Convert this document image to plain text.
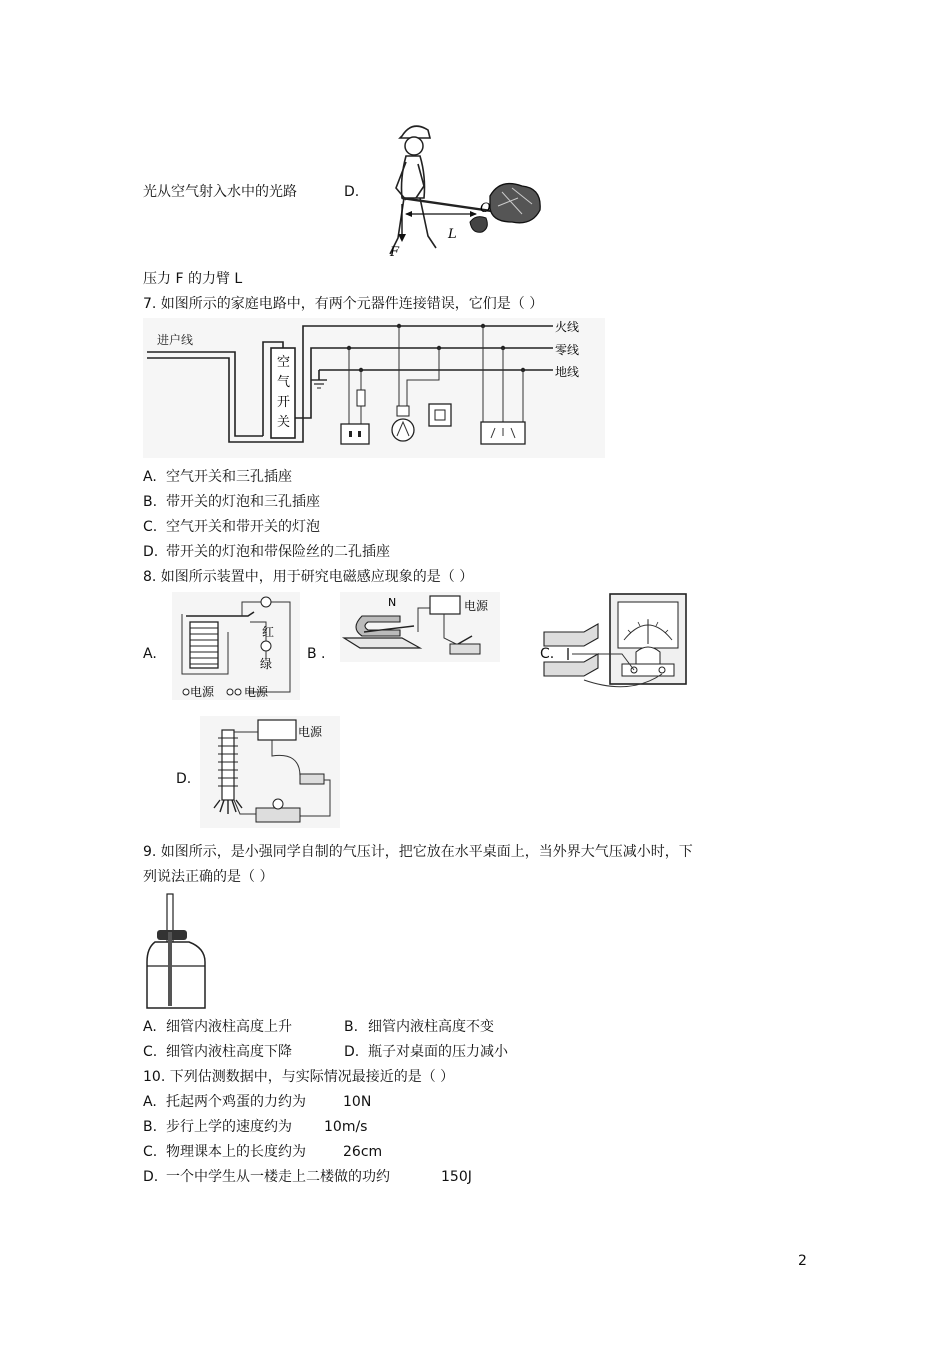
光从空气射入水中的光路	D.
L
O
F
压力 F 的力臂 L
7. 如图所示的家庭电路中，有两个元器件连接错误，它们是（ ）
进户线
空
气
开
关
火线
零线
地线
A. 空气开关和三孔插座
B. 带开关的灯泡和三孔插座
C. 空气开关和带开关的灯泡
D. 带开关的灯泡和带保险丝的二孔插座
8. 如图所示装置中，用于研究电磁感应现象的是（ ）
A.
红
绿
电源 电源
B .
N	电源
C.
D.
电源
9. 如图所示，是小强同学自制的气压计，把它放在水平桌面上，当外界大气压减小时，下
列说法正确的是（ ）
A. 细管内液柱高度上升	B. 细管内液柱高度不变
C. 细管内液柱高度下降	D. 瓶子对桌面的压力减小
10. 下列估测数据中，与实际情况最接近的是（ ）
A. 托起两个鸡蛋的力约为	10N
B. 步行上学的速度约为 10m/s
C. 物理课本上的长度约为	26cm
D. 一个中学生从一楼走上二楼做的功约	150J
2
